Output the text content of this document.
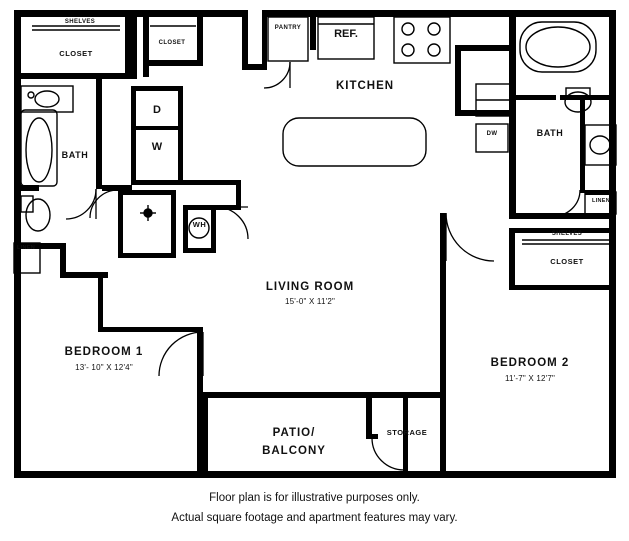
SHELVES
CLOSET
CLOSET
PANTRY	REF.
KITCHEN
DW
D
W
WH
BATH
LINEN
BATH
LINEN
SHELVES
CLOSET
LIVING ROOM
15'-0" X 11'2"
BEDROOM 1
13'- 10" X 12'4"	BEDROOM 2
11'-7" X 12'7"
PATIO/
BALCONY
STORAGE
Floor plan is for illustrative purposes only.
Actual square footage and apartment features may vary.
